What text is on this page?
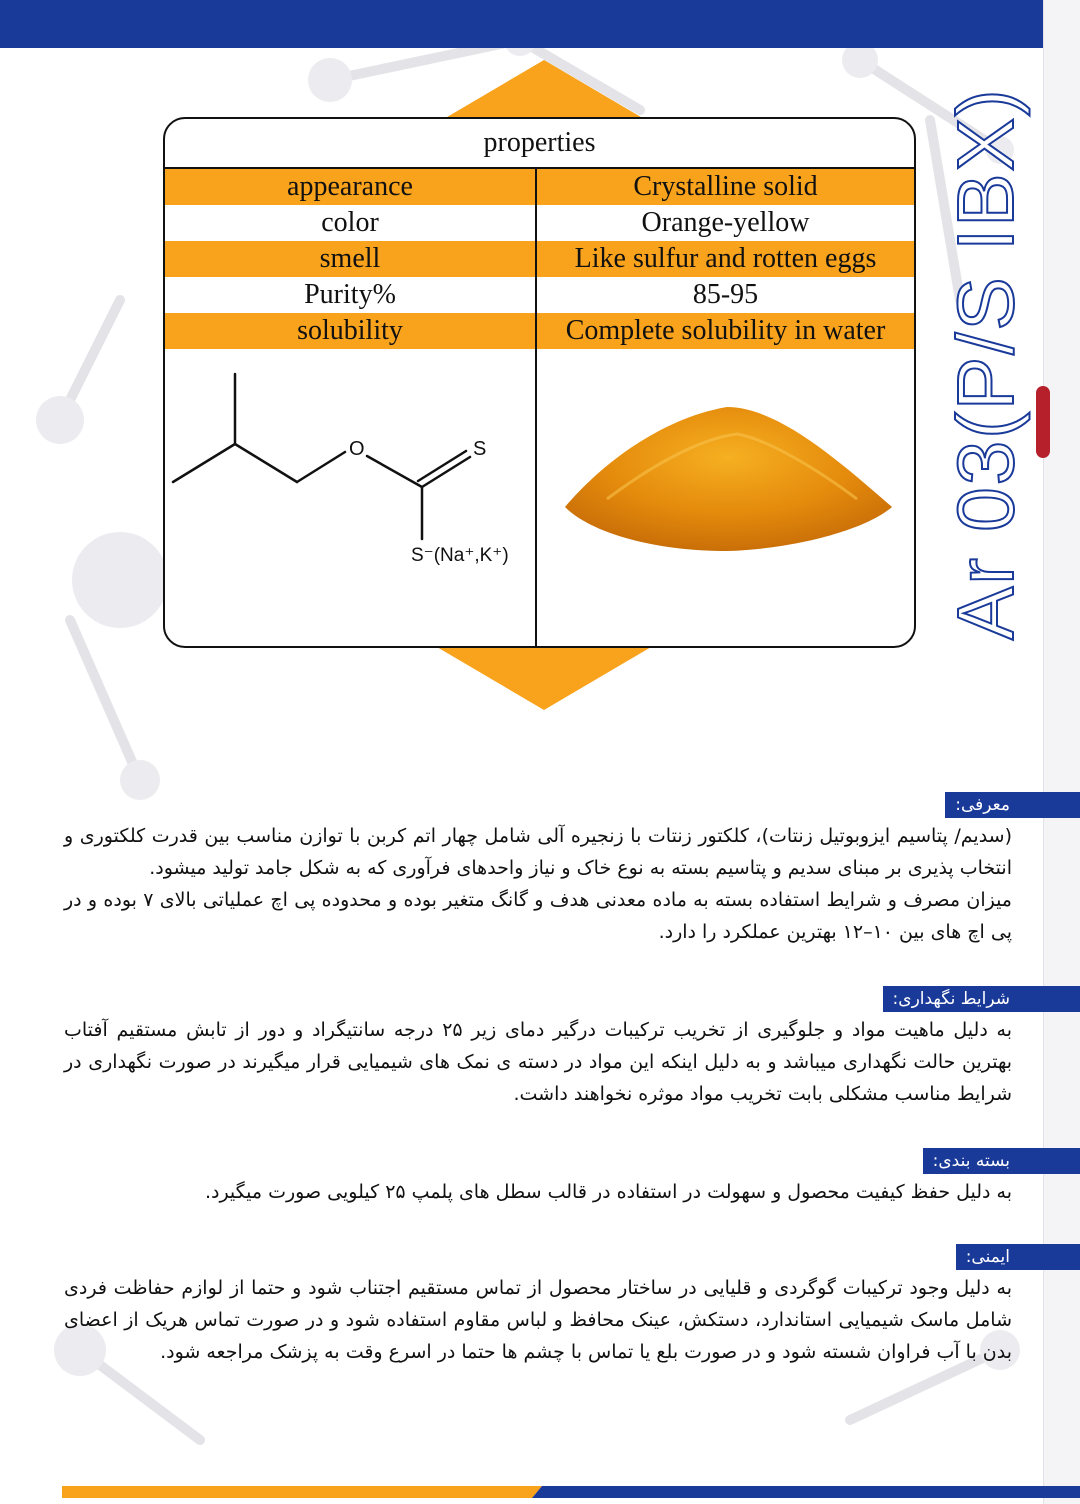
properties
appearance	Crystalline solid
color	Orange-yellow
smell	Like sulfur and rotten eggs
Purity%	85-95
solubility	Complete solubility in water
O	S
S⁻(Na⁺,K⁺)	Ar 03(P/S IBX)
معرفی:
(سدیم/ پتاسیم ایزوبوتیل زنتات)، کلکتور زنتات با زنجیره آلی شامل چهار اتم کربن با توازن مناسب بین قدرت کلکتوری و انتخاب پذیری بر مبنای سدیم و پتاسیم بسته به نوع خاک و نیاز واحدهای فرآوری که به شکل جامد تولید میشود.
میزان مصرف و شرایط استفاده بسته به ماده معدنی هدف و گانگ متغیر بوده و محدوده پی اچ عملیاتی بالای ۷ بوده و در پی اچ های بین ۱۰–۱۲ بهترین عملکرد را دارد.
شرایط نگهداری:
به دلیل ماهیت مواد و جلوگیری از تخریب ترکیبات درگیر دمای زیر ۲۵ درجه سانتیگراد و دور از تابش مستقیم آفتاب بهترین حالت نگهداری میباشد و به دلیل اینکه این مواد در دسته ی نمک های شیمیایی قرار میگیرند در صورت نگهداری در شرایط مناسب مشکلی بابت تخریب مواد موثره نخواهند داشت.
بسته بندی:
به دلیل حفظ کیفیت محصول و سهولت در استفاده در قالب سطل های پلمپ ۲۵ کیلویی صورت میگیرد.
ایمنی:
به دلیل وجود ترکیبات گوگردی و قلیایی در ساختار محصول از تماس مستقیم اجتناب شود و حتما از لوازم حفاظت فردی شامل ماسک شیمیایی استاندارد، دستکش، عینک محافظ و لباس مقاوم استفاده شود و در صورت تماس هریک از اعضای بدن با آب فراوان شسته شود و در صورت بلع یا تماس با چشم ها حتما در اسرع وقت به پزشک مراجعه شود.
